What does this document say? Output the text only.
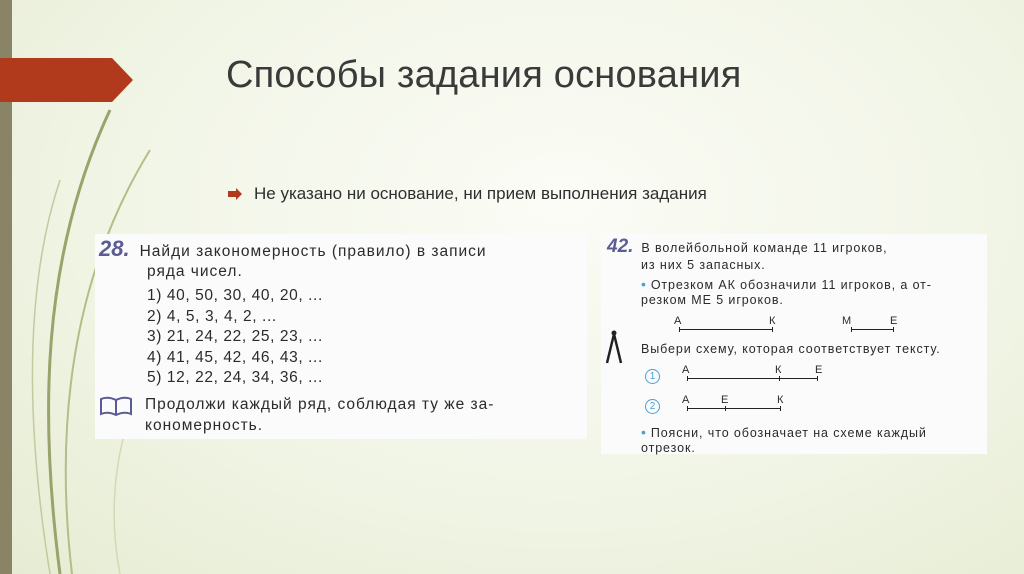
Способы задания основания
Не указано ни основание, ни прием выполнения задания
28. Найди закономерность (правило) в записи
ряда чисел.
1) 40, 50, 30, 40, 20, ...
2) 4, 5, 3, 4, 2, ...
3) 21, 24, 22, 25, 23, ...
4) 41, 45, 42, 46, 43, ...
5) 12, 22, 24, 34, 36, ...
Продолжи каждый ряд, соблюдая ту же за-
кономерность.
42. В волейбольной команде 11 игроков,
из них 5 запасных.
• Отрезком АК обозначили 11 игроков, а от-
резком МЕ 5 игроков.
А	К	М	Е
Выбери схему, которая соответствует тексту.
1
А	К	Е
2
А	Е	К
• Поясни, что обозначает на схеме каждый
отрезок.
